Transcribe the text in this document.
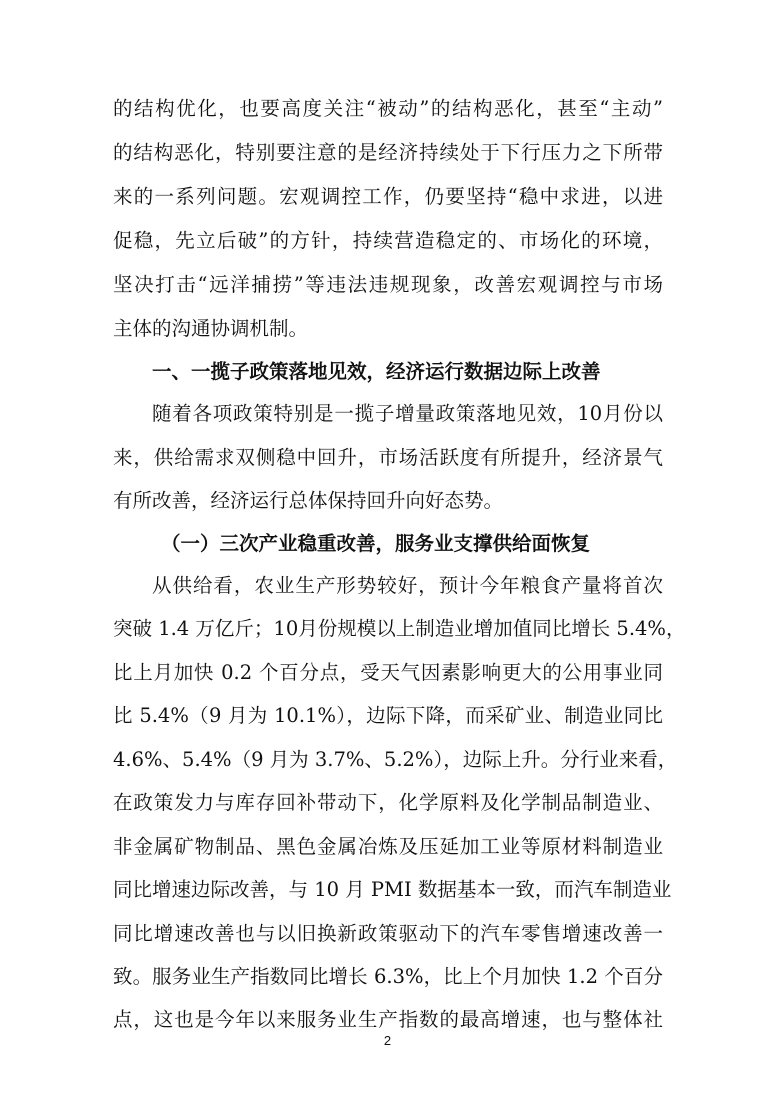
的结构优化，也要高度关注“被动”的结构恶化，甚至“主动”
的结构恶化，特别要注意的是经济持续处于下行压力之下所带
来的一系列问题。宏观调控工作，仍要坚持“稳中求进，以进
促稳，先立后破”的方针，持续营造稳定的、市场化的环境，
坚决打击“远洋捕捞”等违法违规现象，改善宏观调控与市场
主体的沟通协调机制。
一、一揽子政策落地见效，经济运行数据边际上改善
随着各项政策特别是一揽子增量政策落地见效，10月份以
来，供给需求双侧稳中回升，市场活跃度有所提升，经济景气
有所改善，经济运行总体保持回升向好态势。
（一）三次产业稳重改善，服务业支撑供给面恢复
从供给看，农业生产形势较好，预计今年粮食产量将首次
突破 1.4 万亿斤；10月份规模以上制造业增加值同比增长 5.4%，
比上月加快 0.2 个百分点，受天气因素影响更大的公用事业同
比 5.4%（9 月为 10.1%），边际下降，而采矿业、制造业同比
4.6%、5.4%（9 月为 3.7%、5.2%），边际上升。分行业来看，
在政策发力与库存回补带动下，化学原料及化学制品制造业、
非金属矿物制品、黑色金属冶炼及压延加工业等原材料制造业
同比增速边际改善，与 10 月 PMI 数据基本一致，而汽车制造业
同比增速改善也与以旧换新政策驱动下的汽车零售增速改善一
致。服务业生产指数同比增长 6.3%，比上个月加快 1.2 个百分
点，这也是今年以来服务业生产指数的最高增速，也与整体社
2
